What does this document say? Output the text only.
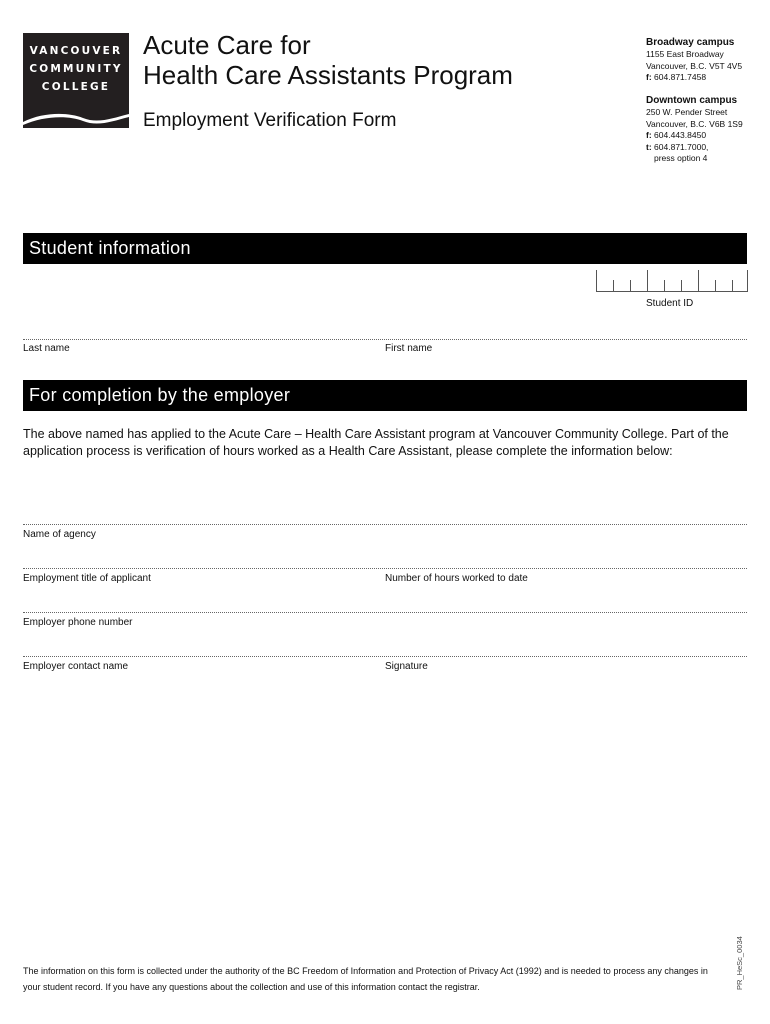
VANCOUVER
COMMUNITY
COLLEGE
Acute Care for
Health Care Assistants Program
Employment Verification Form
Broadway campus
1155 East Broadway
Vancouver, B.C. V5T 4V5
f: 604.871.7458
Downtown campus
250 W. Pender Street
Vancouver, B.C. V6B 1S9
f: 604.443.8450
t: 604.871.7000,
press option 4
Student information
Student ID
Last name	First name
For completion by the employer
The above named has applied to the Acute Care – Health Care Assistant program at Vancouver Community College. Part of the application process is verification of hours worked as a Health Care Assistant, please complete the information below:
Name of agency
Employment title of applicant	Number of hours worked to date
Employer phone number
Employer contact name	Signature
The information on this form is collected under the authority of the BC Freedom of Information and Protection of Privacy Act (1992) and is needed to process any changes in your student record. If you have any questions about the collection and use of this information contact the registrar.	PR_HeSc_0034
